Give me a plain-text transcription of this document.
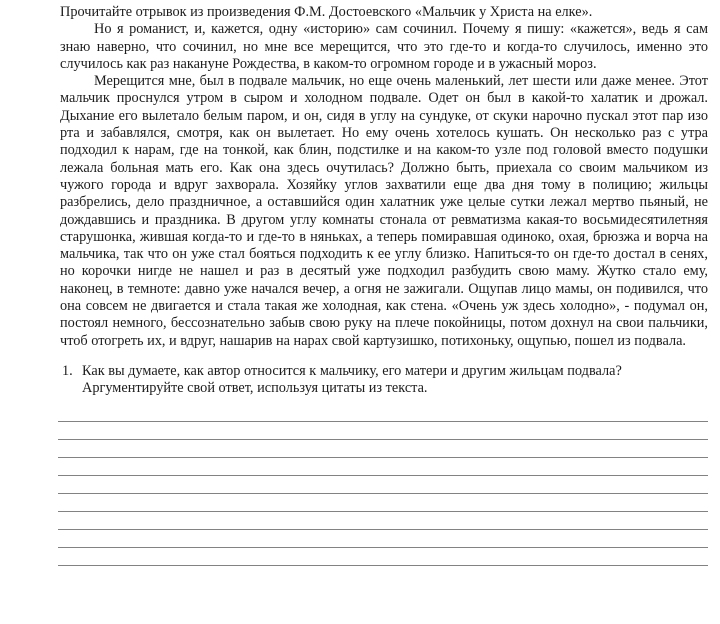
Прочитайте отрывок из произведения Ф.М. Достоевского «Мальчик у Христа на елке».

Но я романист, и, кажется, одну «историю» сам сочинил. Почему я пишу: «кажется», ведь я сам знаю наверно, что сочинил, но мне все мерещится, что это где-то и когда-то случилось, именно это случилось как раз накануне Рождества, в каком-то огромном городе и в ужасный мороз.

Мерещится мне, был в подвале мальчик, но еще очень маленький, лет шести или даже менее. Этот мальчик проснулся утром в сыром и холодном подвале. Одет он был в какой-то халатик и дрожал. Дыхание его вылетало белым паром, и он, сидя в углу на сундуке, от скуки нарочно пускал этот пар изо рта и забавлялся, смотря, как он вылетает. Но ему очень хотелось кушать. Он несколько раз с утра подходил к нарам, где на тонкой, как блин, подстилке и на каком-то узле под головой вместо подушки лежала больная мать его. Как она здесь очутилась? Должно быть, приехала со своим мальчиком из чужого города и вдруг захворала. Хозяйку углов захватили еще два дня тому в полицию; жильцы разбрелись, дело праздничное, а оставшийся один халатник уже целые сутки лежал мертво пьяный, не дождавшись и праздника. В другом углу комнаты стонала от ревматизма какая-то восьмидесятилетняя старушонка, жившая когда-то и где-то в няньках, а теперь помиравшая одиноко, охая, брюзжа и ворча на мальчика, так что он уже стал бояться подходить к ее углу близко. Напиться-то он где-то достал в сенях, но корочки нигде не нашел и раз в десятый уже подходил разбудить свою маму. Жутко стало ему, наконец, в темноте: давно уже начался вечер, а огня не зажигали. Ощупав лицо мамы, он подивился, что она совсем не двигается и стала такая же холодная, как стена. «Очень уж здесь холодно», - подумал он, постоял немного, бессознательно забыв свою руку на плече покойницы, потом дохнул на свои пальчики, чтоб отогреть их, и вдруг, нашарив на нарах свой картузишко, потихоньку, ощупью, пошел из подвала.

1. Как вы думаете, как автор относится к мальчику, его матери и другим жильцам подвала? Аргументируйте свой ответ, используя цитаты из текста.
